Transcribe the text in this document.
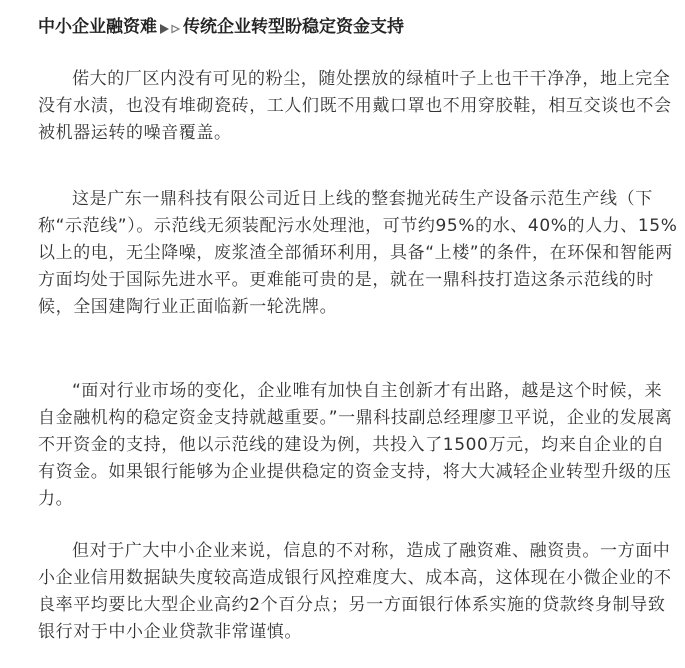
中小企业融资难 传统企业转型盼稳定资金支持

偌大的厂区内没有可见的粉尘，随处摆放的绿植叶子上也干干净净，地上完全没有水渍，也没有堆砌瓷砖，工人们既不用戴口罩也不用穿胶鞋，相互交谈也不会被机器运转的噪音覆盖。

这是广东一鼎科技有限公司近日上线的整套抛光砖生产设备示范生产线（下称“示范线”）。示范线无须装配污水处理池，可节约95%的水、40%的人力、15%以上的电，无尘降噪，废浆渣全部循环利用，具备“上楼”的条件，在环保和智能两方面均处于国际先进水平。更难能可贵的是，就在一鼎科技打造这条示范线的时候，全国建陶行业正面临新一轮洗牌。

“面对行业市场的变化，企业唯有加快自主创新才有出路，越是这个时候，来自金融机构的稳定资金支持就越重要。”一鼎科技副总经理廖卫平说，企业的发展离不开资金的支持，他以示范线的建设为例，共投入了1500万元，均来自企业的自有资金。如果银行能够为企业提供稳定的资金支持，将大大减轻企业转型升级的压力。

但对于广大中小企业来说，信息的不对称，造成了融资难、融资贵。一方面中小企业信用数据缺失度较高造成银行风控难度大、成本高，这体现在小微企业的不良率平均要比大型企业高约2个百分点；另一方面银行体系实施的贷款终身制导致银行对于中小企业贷款非常谨慎。
